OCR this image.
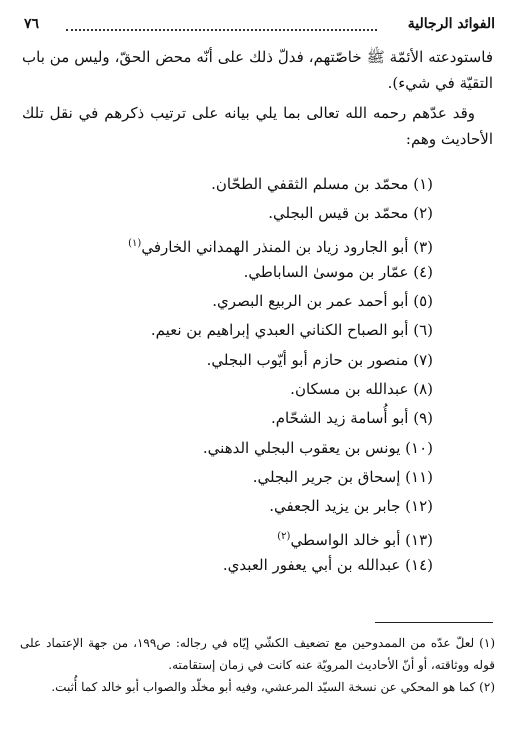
الفوائد الرجالية
٧٦

فاستودعته الأئمّة ﷺ خاصّتهم، فدلّ ذلك على أنّه محض الحقّ، وليس من باب التقيّة في شيء).

وقد عدّهم رحمه الله تعالى بما يلي بيانه على ترتيب ذكرهم في نقل تلك الأحاديث وهم:

(١) محمّد بن مسلم الثقفي الطحّان.
(٢) محمّد بن قيس البجلي.
(٣) أبو الجارود زياد بن المنذر الهمداني الخارفي$^{(١)}$
(٤) عمّار بن موسىٰ الساباطي.
(٥) أبو أحمد عمر بن الربيع البصري.
(٦) أبو الصباح الكناني العبدي إبراهيم بن نعيم.
(٧) منصور بن حازم أبو أيّوب البجلي.
(٨) عبدالله بن مسكان.
(٩) أبو أُسامة زيد الشحّام.
(١٠) يونس بن يعقوب البجلي الدهني.
(١١) إسحاق بن جرير البجلي.
(١٢) جابر بن يزيد الجعفي.
(١٣) أبو خالد الواسطي$^{(٢)}$
(١٤) عبدالله بن أبي يعفور العبدي.

(١) لعلّ عدّه من الممدوحين مع تضعيف الكشّي إيّاه في رجاله: ص١٩٩، من جهة الإعتماد على قوله ووثاقته، أو أنّ الأحاديث المرويّة عنه كانت في زمان إستقامته.

(٢) كما هو المحكي عن نسخة السيّد المرعشي، وفيه أبو مخلّد والصواب أبو خالد كما أُثبت.
